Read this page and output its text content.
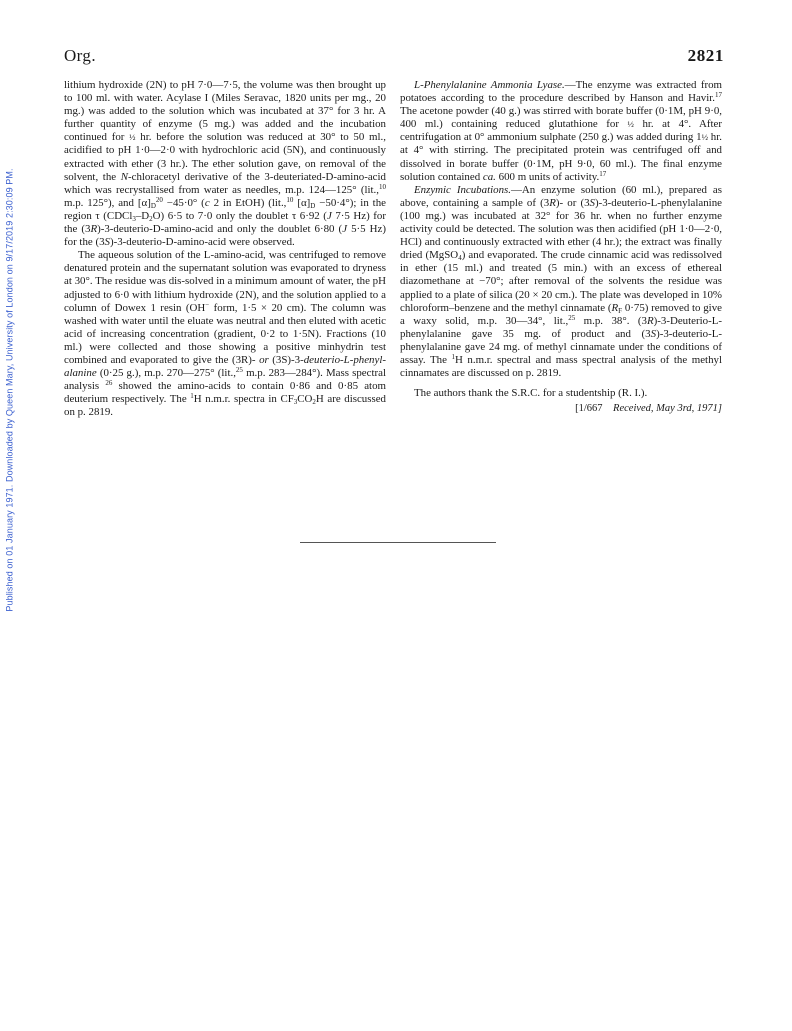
Published on 01 January 1971. Downloaded by Queen Mary, University of London on 9/17/2019 2:30:09 PM.
Org.	2821

lithium hydroxide (2N) to pH 7·0—7·5, the volume was then brought up to 100 ml. with water. Acylase I (Miles Seravac, 1820 units per mg., 20 mg.) was added to the solution which was incubated at 37° for 3 hr. A further quantity of enzyme (5 mg.) was added and the incubation continued for ½ hr. before the solution was reduced at 30° to 50 ml., acidified to pH 1·0—2·0 with hydrochloric acid (5N), and continuously extracted with ether (3 hr.). The ether solution gave, on removal of the solvent, the N-chloracetyl derivative of the 3-deuteriated-D-amino-acid which was recrystallised from water as needles, m.p. 124—125° (lit.,$^{10}$ m.p. 125°), and $[\alpha]_D^{20} -45\cdot 0^\circ$ (c 2 in EtOH) (lit.,$^{10}$ $[\alpha]_D -50\cdot 4^\circ$); in the region τ $(CDCl_3-D_2O)$ 6·5 to 7·0 only the doublet τ 6·92 (J 7·5 Hz) for the (3R)-3-deuterio-D-amino-acid and only the doublet 6·80 (J 5·5 Hz) for the (3S)-3-deuterio-D-amino-acid were observed.

The aqueous solution of the L-amino-acid, was centrifuged to remove denatured protein and the supernatant solution was evaporated to dryness at 30°. The residue was dis-solved in a minimum amount of water, the pH adjusted to 6·0 with lithium hydroxide (2N), and the solution applied to a column of Dowex 1 resin (OH− form, 1·5 × 20 cm). The column was washed with water until the eluate was neutral and then eluted with acetic acid of increasing concentration (gradient, 0·2 to 1·5N). Fractions (10 ml.) were collected and those showing a positive minhydrin test combined and evaporated to give the (3R)- or (3S)-3-deuterio-L-phenyl-alanine (0·25 g.), m.p. 270—275° (lit.,$^{25}$ m.p. 283—284°). Mass spectral analysis $^{26}$ showed the amino-acids to contain 0·86 and 0·85 atom deuterium respectively. The $^1$H n.m.r. spectra in $CF_3CO_2H$ are discussed on p. 2819.

L-Phenylalanine Ammonia Lyase.—The enzyme was extracted from potatoes according to the procedure described by Hanson and Havir.$^{17}$ The acetone powder (40 g.) was stirred with borate buffer (0·1M, pH 9·0, 400 ml.) containing reduced glutathione for ½ hr. at 4°. After centrifugation at 0° ammonium sulphate (250 g.) was added during 1½ hr. at 4° with stirring. The precipitated protein was centrifuged off and dissolved in borate buffer (0·1M, pH 9·0, 60 ml.). The final enzyme solution contained ca. 600 m units of activity.$^{17}$

Enzymic Incubations.—An enzyme solution (60 ml.), prepared as above, containing a sample of (3R)- or (3S)-3-deuterio-L-phenylalanine (100 mg.) was incubated at 32° for 36 hr. when no further enzyme activity could be detected. The solution was then acidified (pH 1·0—2·0, HCl) and continuously extracted with ether (4 hr.); the extract was finally dried (MgSO$_4$) and evaporated. The crude cinnamic acid was redissolved in ether (15 ml.) and treated (5 min.) with an excess of ethereal diazomethane at −70°; after removal of the solvents the residue was applied to a plate of silica (20 × 20 cm.). The plate was developed in 10% chloroform–benzene and the methyl cinnamate ($R_F$ 0·75) removed to give a waxy solid, m.p. 30—34°, lit.,$^{25}$ m.p. 38°. (3R)-3-Deuterio-L-phenylalanine gave 35 mg. of product and (3S)-3-deuterio-L-phenylalanine gave 24 mg. of methyl cinnamate under the conditions of assay. The $^1$H n.m.r. spectral and mass spectral analysis of the methyl cinnamates are discussed on p. 2819.

The authors thank the S.R.C. for a studentship (R. I.).

[1/667 Received, May 3rd, 1971]
